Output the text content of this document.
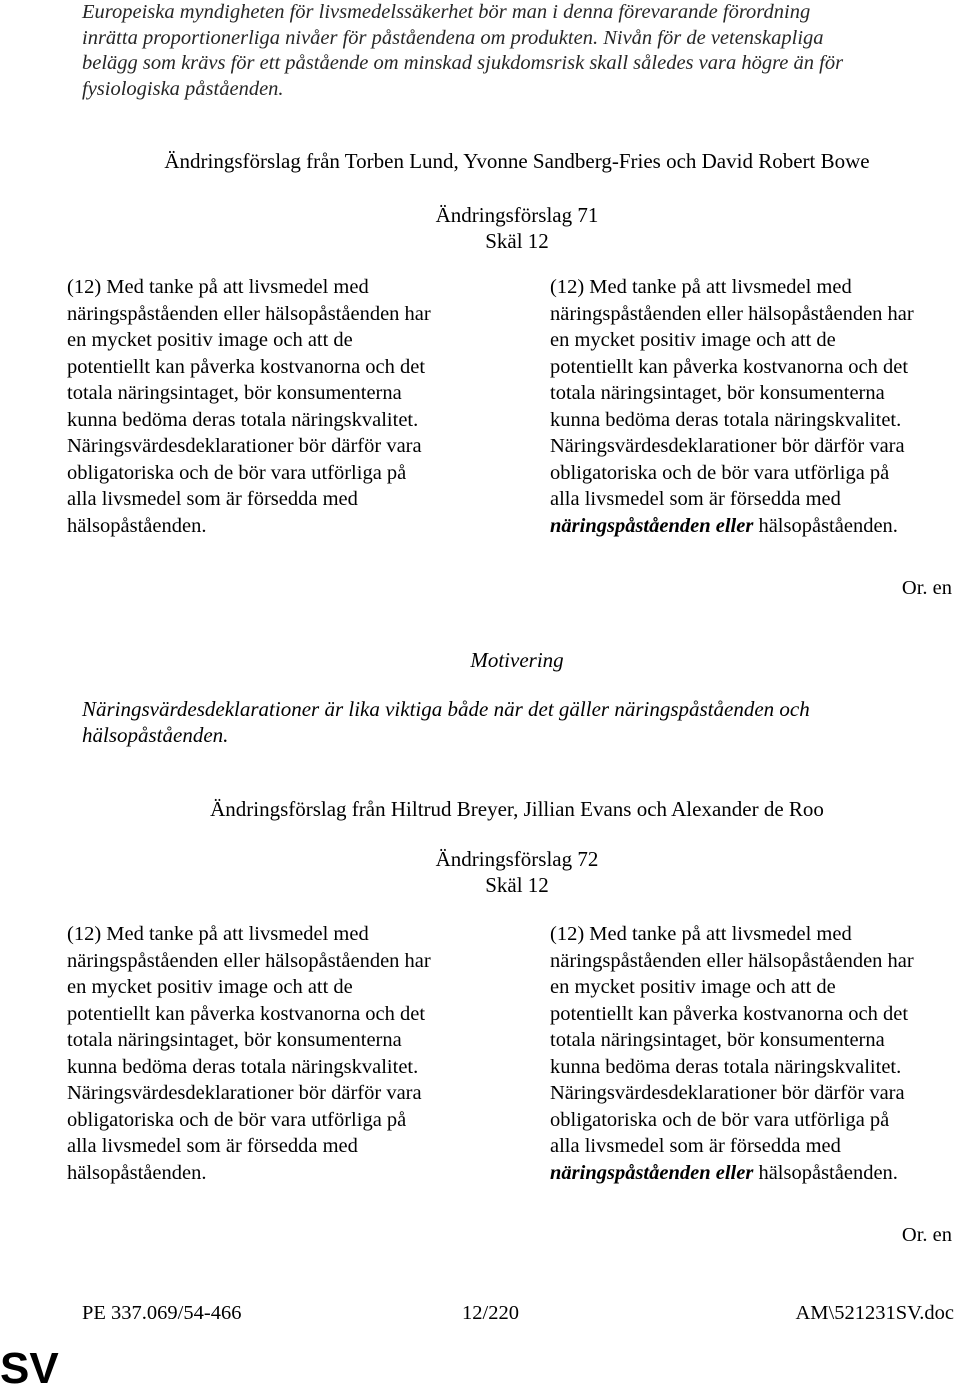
Europeiska myndigheten för livsmedelssäkerhet bör man i denna förevarande förordning
inrätta proportionerliga nivåer för påståendena om produkten. Nivån för de vetenskapliga
belägg som krävs för ett påstående om minskad sjukdomsrisk skall således vara högre än för
fysiologiska påståenden.
Ändringsförslag från Torben Lund, Yvonne Sandberg-Fries och David Robert Bowe
Ändringsförslag 71
Skäl 12
(12) Med tanke på att livsmedel med
näringspåståenden eller hälsopåståenden har
en mycket positiv image och att de
potentiellt kan påverka kostvanorna och det
totala näringsintaget, bör konsumenterna
kunna bedöma deras totala näringskvalitet.
Näringsvärdesdeklarationer bör därför vara
obligatoriska och de bör vara utförliga på
alla livsmedel som är försedda med
hälsopåståenden.
(12) Med tanke på att livsmedel med
näringspåståenden eller hälsopåståenden har
en mycket positiv image och att de
potentiellt kan påverka kostvanorna och det
totala näringsintaget, bör konsumenterna
kunna bedöma deras totala näringskvalitet.
Näringsvärdesdeklarationer bör därför vara
obligatoriska och de bör vara utförliga på
alla livsmedel som är försedda med
näringspåståenden eller hälsopåståenden.
Or. en
Motivering
Näringsvärdesdeklarationer är lika viktiga både när det gäller näringspåståenden och
hälsopåståenden.
Ändringsförslag från Hiltrud Breyer, Jillian Evans och Alexander de Roo
Ändringsförslag 72
Skäl 12
(12) Med tanke på att livsmedel med
näringspåståenden eller hälsopåståenden har
en mycket positiv image och att de
potentiellt kan påverka kostvanorna och det
totala näringsintaget, bör konsumenterna
kunna bedöma deras totala näringskvalitet.
Näringsvärdesdeklarationer bör därför vara
obligatoriska och de bör vara utförliga på
alla livsmedel som är försedda med
hälsopåståenden.
(12) Med tanke på att livsmedel med
näringspåståenden eller hälsopåståenden har
en mycket positiv image och att de
potentiellt kan påverka kostvanorna och det
totala näringsintaget, bör konsumenterna
kunna bedöma deras totala näringskvalitet.
Näringsvärdesdeklarationer bör därför vara
obligatoriska och de bör vara utförliga på
alla livsmedel som är försedda med
näringspåståenden eller hälsopåståenden.
Or. en
PE 337.069/54-466	12/220	AM\521231SV.doc
SV
